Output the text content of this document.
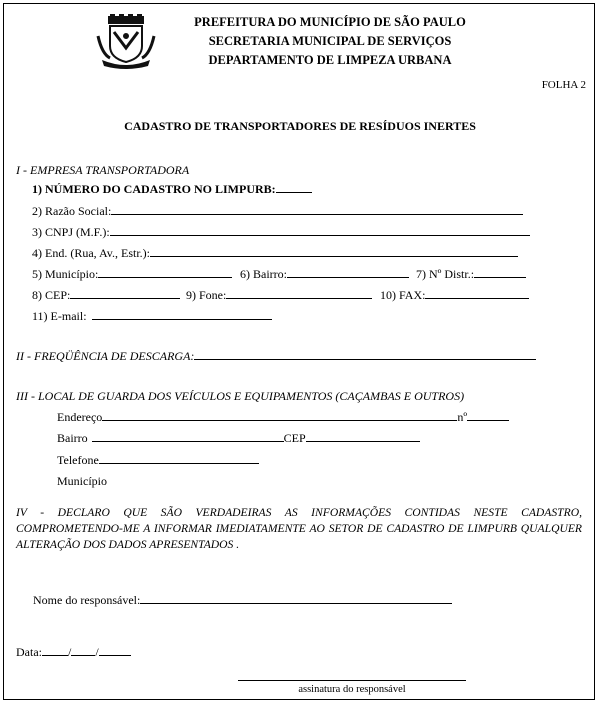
PREFEITURA DO MUNICÍPIO DE SÃO PAULO
SECRETARIA MUNICIPAL DE SERVIÇOS
DEPARTAMENTO DE LIMPEZA URBANA
FOLHA 2
CADASTRO DE TRANSPORTADORES DE RESÍDUOS INERTES
I - EMPRESA TRANSPORTADORA
1) NÚMERO DO CADASTRO NO LIMPURB:
2) Razão Social:
3) CNPJ (M.F.):
4) End. (Rua, Av., Estr.):
5) Município:	6) Bairro:	7) Nº Distr.:
8) CEP:	9) Fone:	10) FAX:
11) E-mail:
II - FREQÜÊNCIA DE DESCARGA:
III - LOCAL DE GUARDA DOS VEÍCULOS E EQUIPAMENTOS (CAÇAMBAS E OUTROS)
Endereço	nº
Bairro	CEP
Telefone
Município
IV - DECLARO QUE SÃO VERDADEIRAS AS INFORMAÇÕES CONTIDAS NESTE CADASTRO, COMPROMETENDO-ME A INFORMAR IMEDIATAMENTE AO SETOR DE CADASTRO DE LIMPURB QUALQUER ALTERAÇÃO DOS DADOS APRESENTADOS .
Nome do responsável:
Data: / /
assinatura do responsável
